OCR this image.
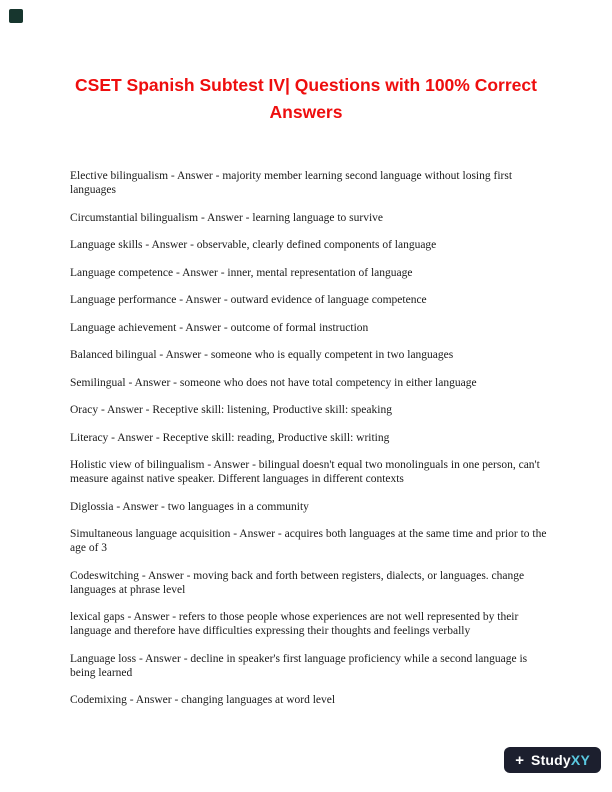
CSET Spanish Subtest IV| Questions with 100% Correct Answers

Elective bilingualism - Answer - majority member learning second language without losing first languages

Circumstantial bilingualism - Answer - learning language to survive

Language skills - Answer - observable, clearly defined components of language

Language competence - Answer - inner, mental representation of language

Language performance - Answer - outward evidence of language competence

Language achievement - Answer - outcome of formal instruction

Balanced bilingual - Answer - someone who is equally competent in two languages

Semilingual - Answer - someone who does not have total competency in either language

Oracy - Answer - Receptive skill: listening, Productive skill: speaking

Literacy - Answer - Receptive skill: reading, Productive skill: writing

Holistic view of bilingualism - Answer - bilingual doesn't equal two monolinguals in one person, can't measure against native speaker. Different languages in different contexts

Diglossia - Answer - two languages in a community

Simultaneous language acquisition - Answer - acquires both languages at the same time and prior to the age of 3

Codeswitching - Answer - moving back and forth between registers, dialects, or languages. change languages at phrase level

lexical gaps - Answer - refers to those people whose experiences are not well represented by their language and therefore have difficulties expressing their thoughts and feelings verbally

Language loss - Answer - decline in speaker's first language proficiency while a second language is being learned

Codemixing - Answer - changing languages at word level

+ StudyXY
